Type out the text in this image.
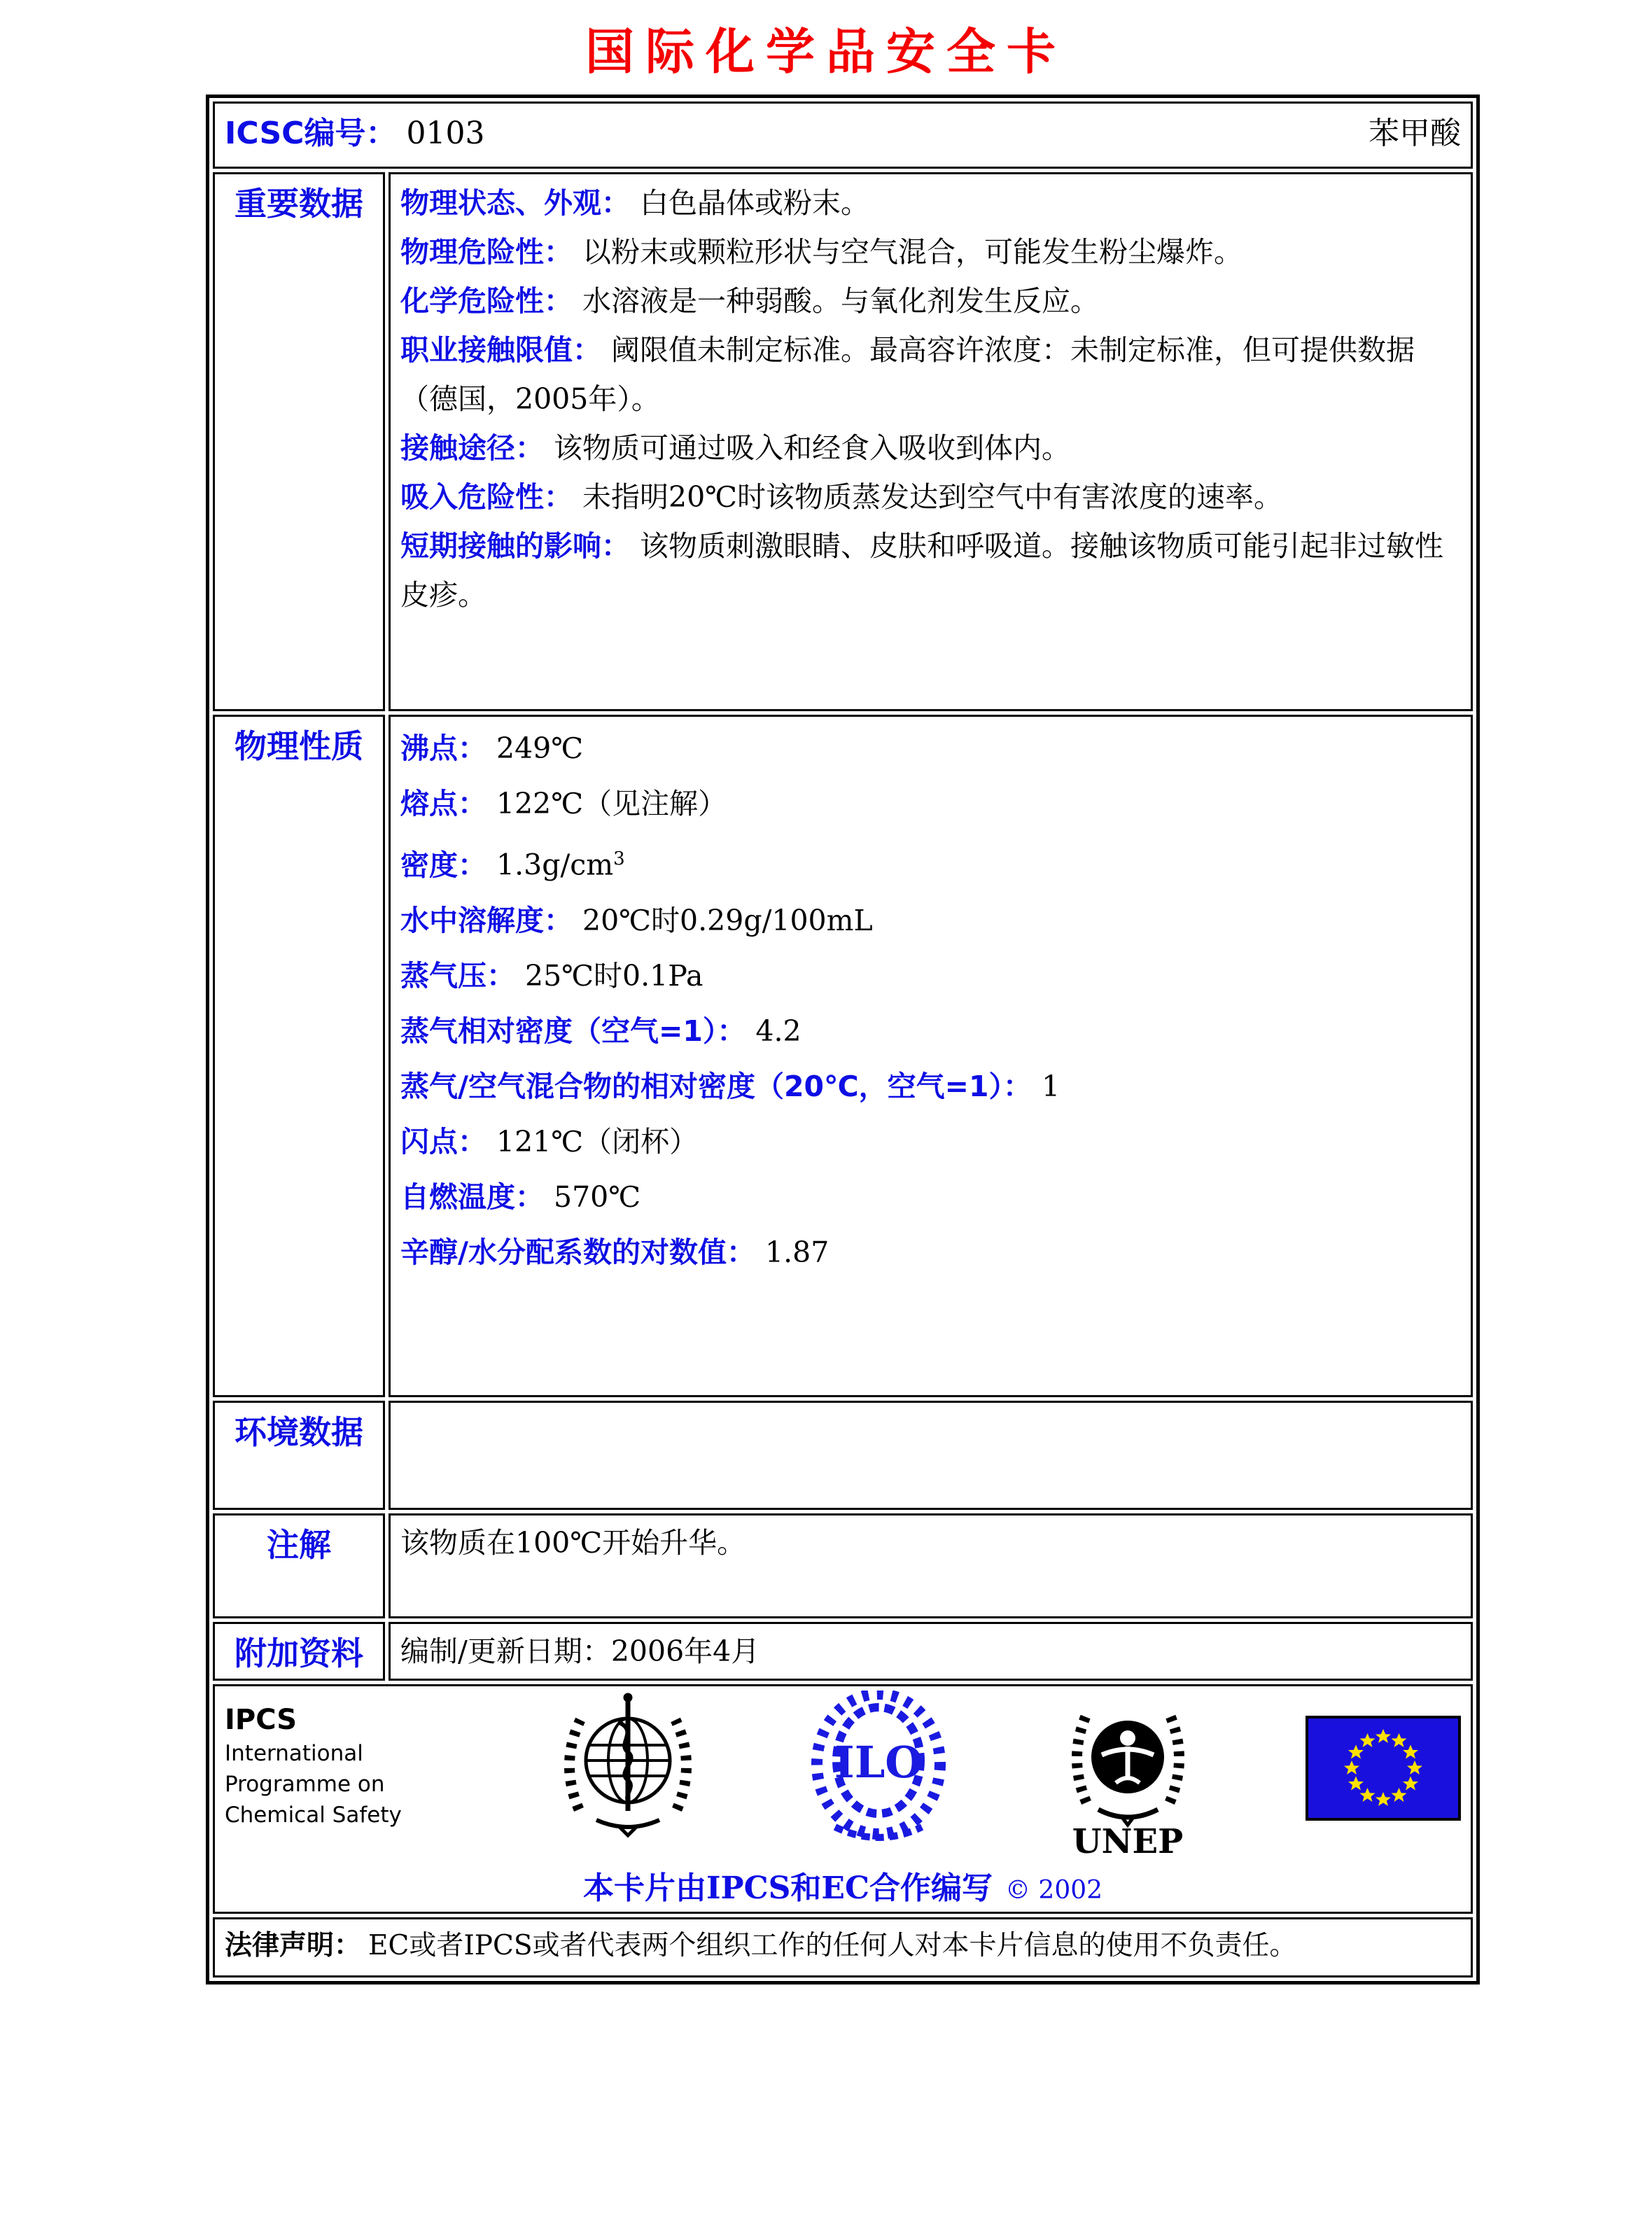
国际化学品安全卡
ICSC编号： 0103 苯甲酸	

重要数据	物理状态、外观： 白色晶体或粉末。
物理危险性： 以粉末或颗粒形状与空气混合，可能发生粉尘爆炸。
化学危险性： 水溶液是一种弱酸。与氧化剂发生反应。
职业接触限值： 阈限值未制定标准。最高容许浓度：未制定标准，但可提供数据（德国，2005年）。
接触途径： 该物质可通过吸入和经食入吸收到体内。
吸入危险性： 未指明20℃时该物质蒸发达到空气中有害浓度的速率。
短期接触的影响： 该物质刺激眼睛、皮肤和呼吸道。接触该物质可能引起非过敏性皮疹。

物理性质	沸点： 249℃
熔点： 122℃（见注解）
密度： $1.3g/cm^3$
水中溶解度： 20℃时0.29g/100mL
蒸气压： 25℃时0.1Pa
蒸气相对密度（空气=1）： 4.2
蒸气/空气混合物的相对密度（20℃，空气=1）： 1
闪点： 121℃（闭杯）
自燃温度： 570℃
辛醇/水分配系数的对数值： 1.87

环境数据	
注解	该物质在100℃开始升华。

附加资料	编制/更新日期：2006年4月

IPCS
International
Programme on
Chemical Safety
ILO
UNEP
本卡片由IPCS和EC合作编写 © 2002

法律声明： EC或者IPCS或者代表两个组织工作的任何人对本卡片信息的使用不负责任。	
